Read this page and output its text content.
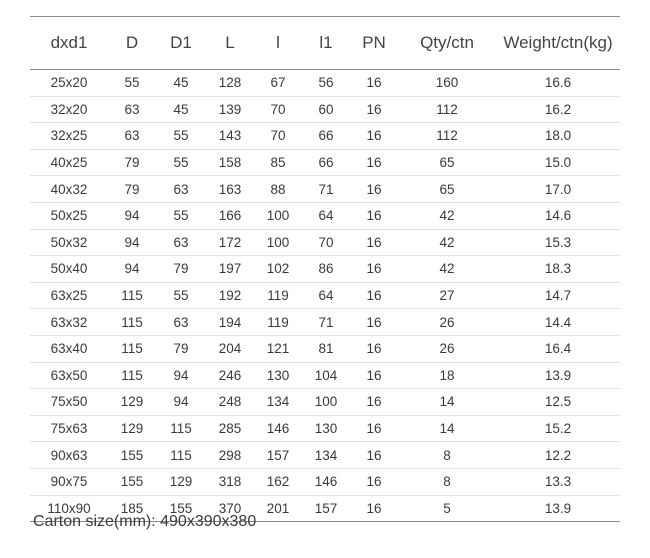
dxd1	D	D1	L	l	l1	PN	Qty/ctn	Weight/ctn(kg)
25x20	55	45	128	67	56	16	160	16.6
32x20	63	45	139	70	60	16	112	16.2
32x25	63	55	143	70	66	16	112	18.0
40x25	79	55	158	85	66	16	65	15.0
40x32	79	63	163	88	71	16	65	17.0
50x25	94	55	166	100	64	16	42	14.6
50x32	94	63	172	100	70	16	42	15.3
50x40	94	79	197	102	86	16	42	18.3
63x25	115	55	192	119	64	16	27	14.7
63x32	115	63	194	119	71	16	26	14.4
63x40	115	79	204	121	81	16	26	16.4
63x50	115	94	246	130	104	16	18	13.9
75x50	129	94	248	134	100	16	14	12.5
75x63	129	115	285	146	130	16	14	15.2
90x63	155	115	298	157	134	16	8	12.2
90x75	155	129	318	162	146	16	8	13.3
110x90	185	155	370	201	157	16	5	13.9
Carton size(mm): 490x390x380
